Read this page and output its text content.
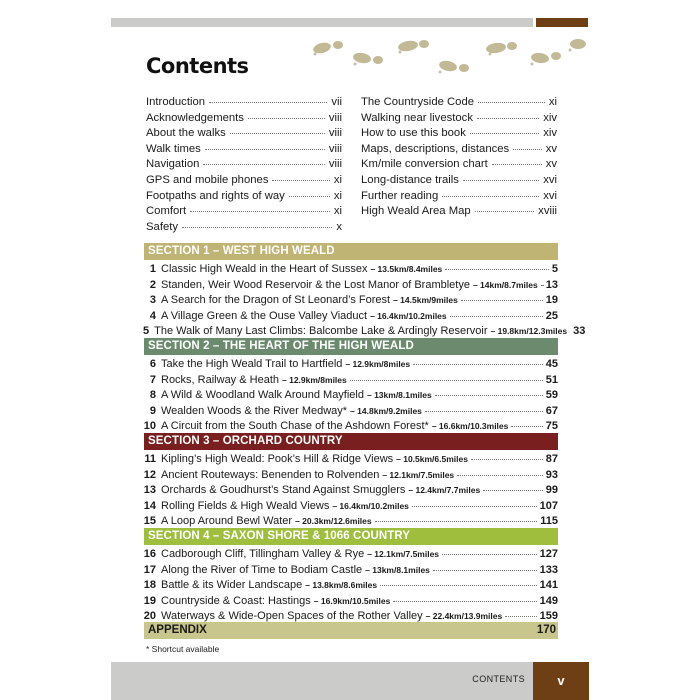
Contents
Introduction	vii
Acknowledgements	viii
About the walks	viii
Walk times	viii
Navigation	viii
GPS and mobile phones	xi
Footpaths and rights of way	xi
Comfort	xi
Safety	x
The Countryside Code	xi
Walking near livestock	xiv
How to use this book	xiv
Maps, descriptions, distances	xv
Km/mile conversion chart	xv
Long-distance trails	xvi
Further reading	xvi
High Weald Area Map	xviii
SECTION 1 – WEST HIGH WEALD
1 Classic High Weald in the Heart of Sussex – 13.5km/8.4miles	5
2 Standen, Weir Wood Reservoir & the Lost Manor of Brambletye – 14km/8.7miles 13
3 A Search for the Dragon of St Leonard’s Forest – 14.5km/9miles	19
4 A Village Green & the Ouse Valley Viaduct – 16.4km/10.2miles	25
5 The Walk of Many Last Climbs: Balcombe Lake & Ardingly Reservoir – 19.8km/12.3miles 33
SECTION 2 – THE HEART OF THE HIGH WEALD
6 Take the High Weald Trail to Hartfield – 12.9km/8miles	45
7 Rocks, Railway & Heath – 12.9km/8miles	51
8 A Wild & Woodland Walk Around Mayfield – 13km/8.1miles	59
9 Wealden Woods & the River Medway* – 14.8km/9.2miles	67
10 A Circuit from the South Chase of the Ashdown Forest* – 16.6km/10.3miles	75
SECTION 3 – ORCHARD COUNTRY
11 Kipling’s High Weald: Pook’s Hill & Ridge Views – 10.5km/6.5miles	87
12 Ancient Routeways: Benenden to Rolvenden – 12.1km/7.5miles	93
13 Orchards & Goudhurst’s Stand Against Smugglers – 12.4km/7.7miles	99
14 Rolling Fields & High Weald Views – 16.4km/10.2miles	107
15 A Loop Around Bewl Water – 20.3km/12.6miles	115
SECTION 4 – SAXON SHORE & 1066 COUNTRY
16 Cadborough Cliff, Tillingham Valley & Rye – 12.1km/7.5miles	127
17 Along the River of Time to Bodiam Castle – 13km/8.1miles	133
18 Battle & its Wider Landscape – 13.8km/8.6miles	141
19 Countryside & Coast: Hastings – 16.9km/10.5miles	149
20 Waterways & Wide-Open Spaces of the Rother Valley – 22.4km/13.9miles	159
APPENDIX	170
* Shortcut available
CONTENTS	v
